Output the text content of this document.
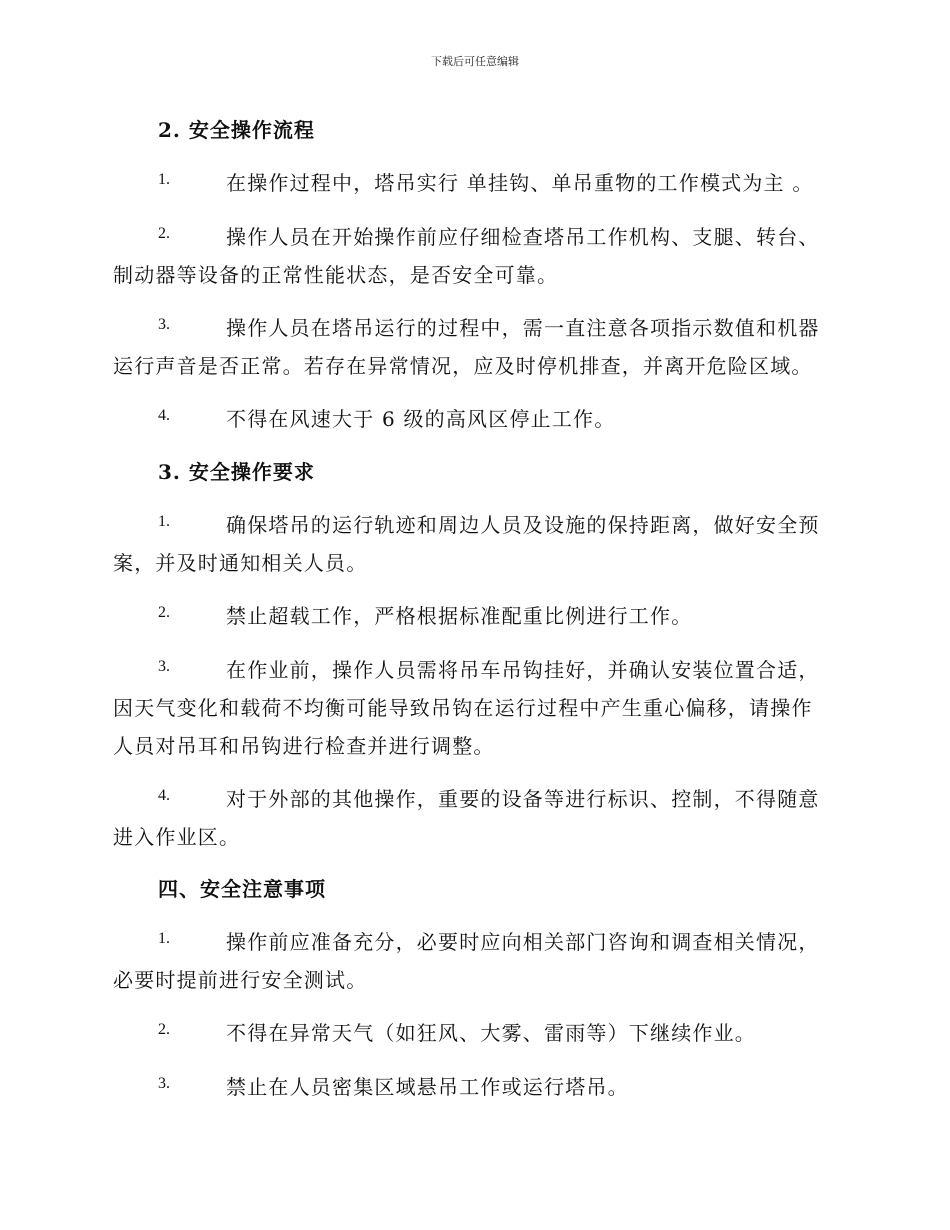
下载后可任意编辑
2. 安全操作流程
1.	在操作过程中，塔吊实行 单挂钩、单吊重物的工作模式为主 。
2.	操作人员在开始操作前应仔细检查塔吊工作机构、支腿、转台、
制动器等设备的正常性能状态，是否安全可靠。
3.	操作人员在塔吊运行的过程中，需一直注意各项指示数值和机器
运行声音是否正常。若存在异常情况，应及时停机排查，并离开危险区域。
4.	不得在风速大于 6 级的高风区停止工作。
3. 安全操作要求
1.	确保塔吊的运行轨迹和周边人员及设施的保持距离，做好安全预
案，并及时通知相关人员。
2.	禁止超载工作，严格根据标准配重比例进行工作。
3.	在作业前，操作人员需将吊车吊钩挂好，并确认安装位置合适，
因天气变化和载荷不均衡可能导致吊钩在运行过程中产生重心偏移，请操作
人员对吊耳和吊钩进行检查并进行调整。
4.	对于外部的其他操作，重要的设备等进行标识、控制，不得随意
进入作业区。
四、安全注意事项
1.	操作前应准备充分，必要时应向相关部门咨询和调查相关情况，
必要时提前进行安全测试。
2.	不得在异常天气（如狂风、大雾、雷雨等）下继续作业。
3.	禁止在人员密集区域悬吊工作或运行塔吊。
